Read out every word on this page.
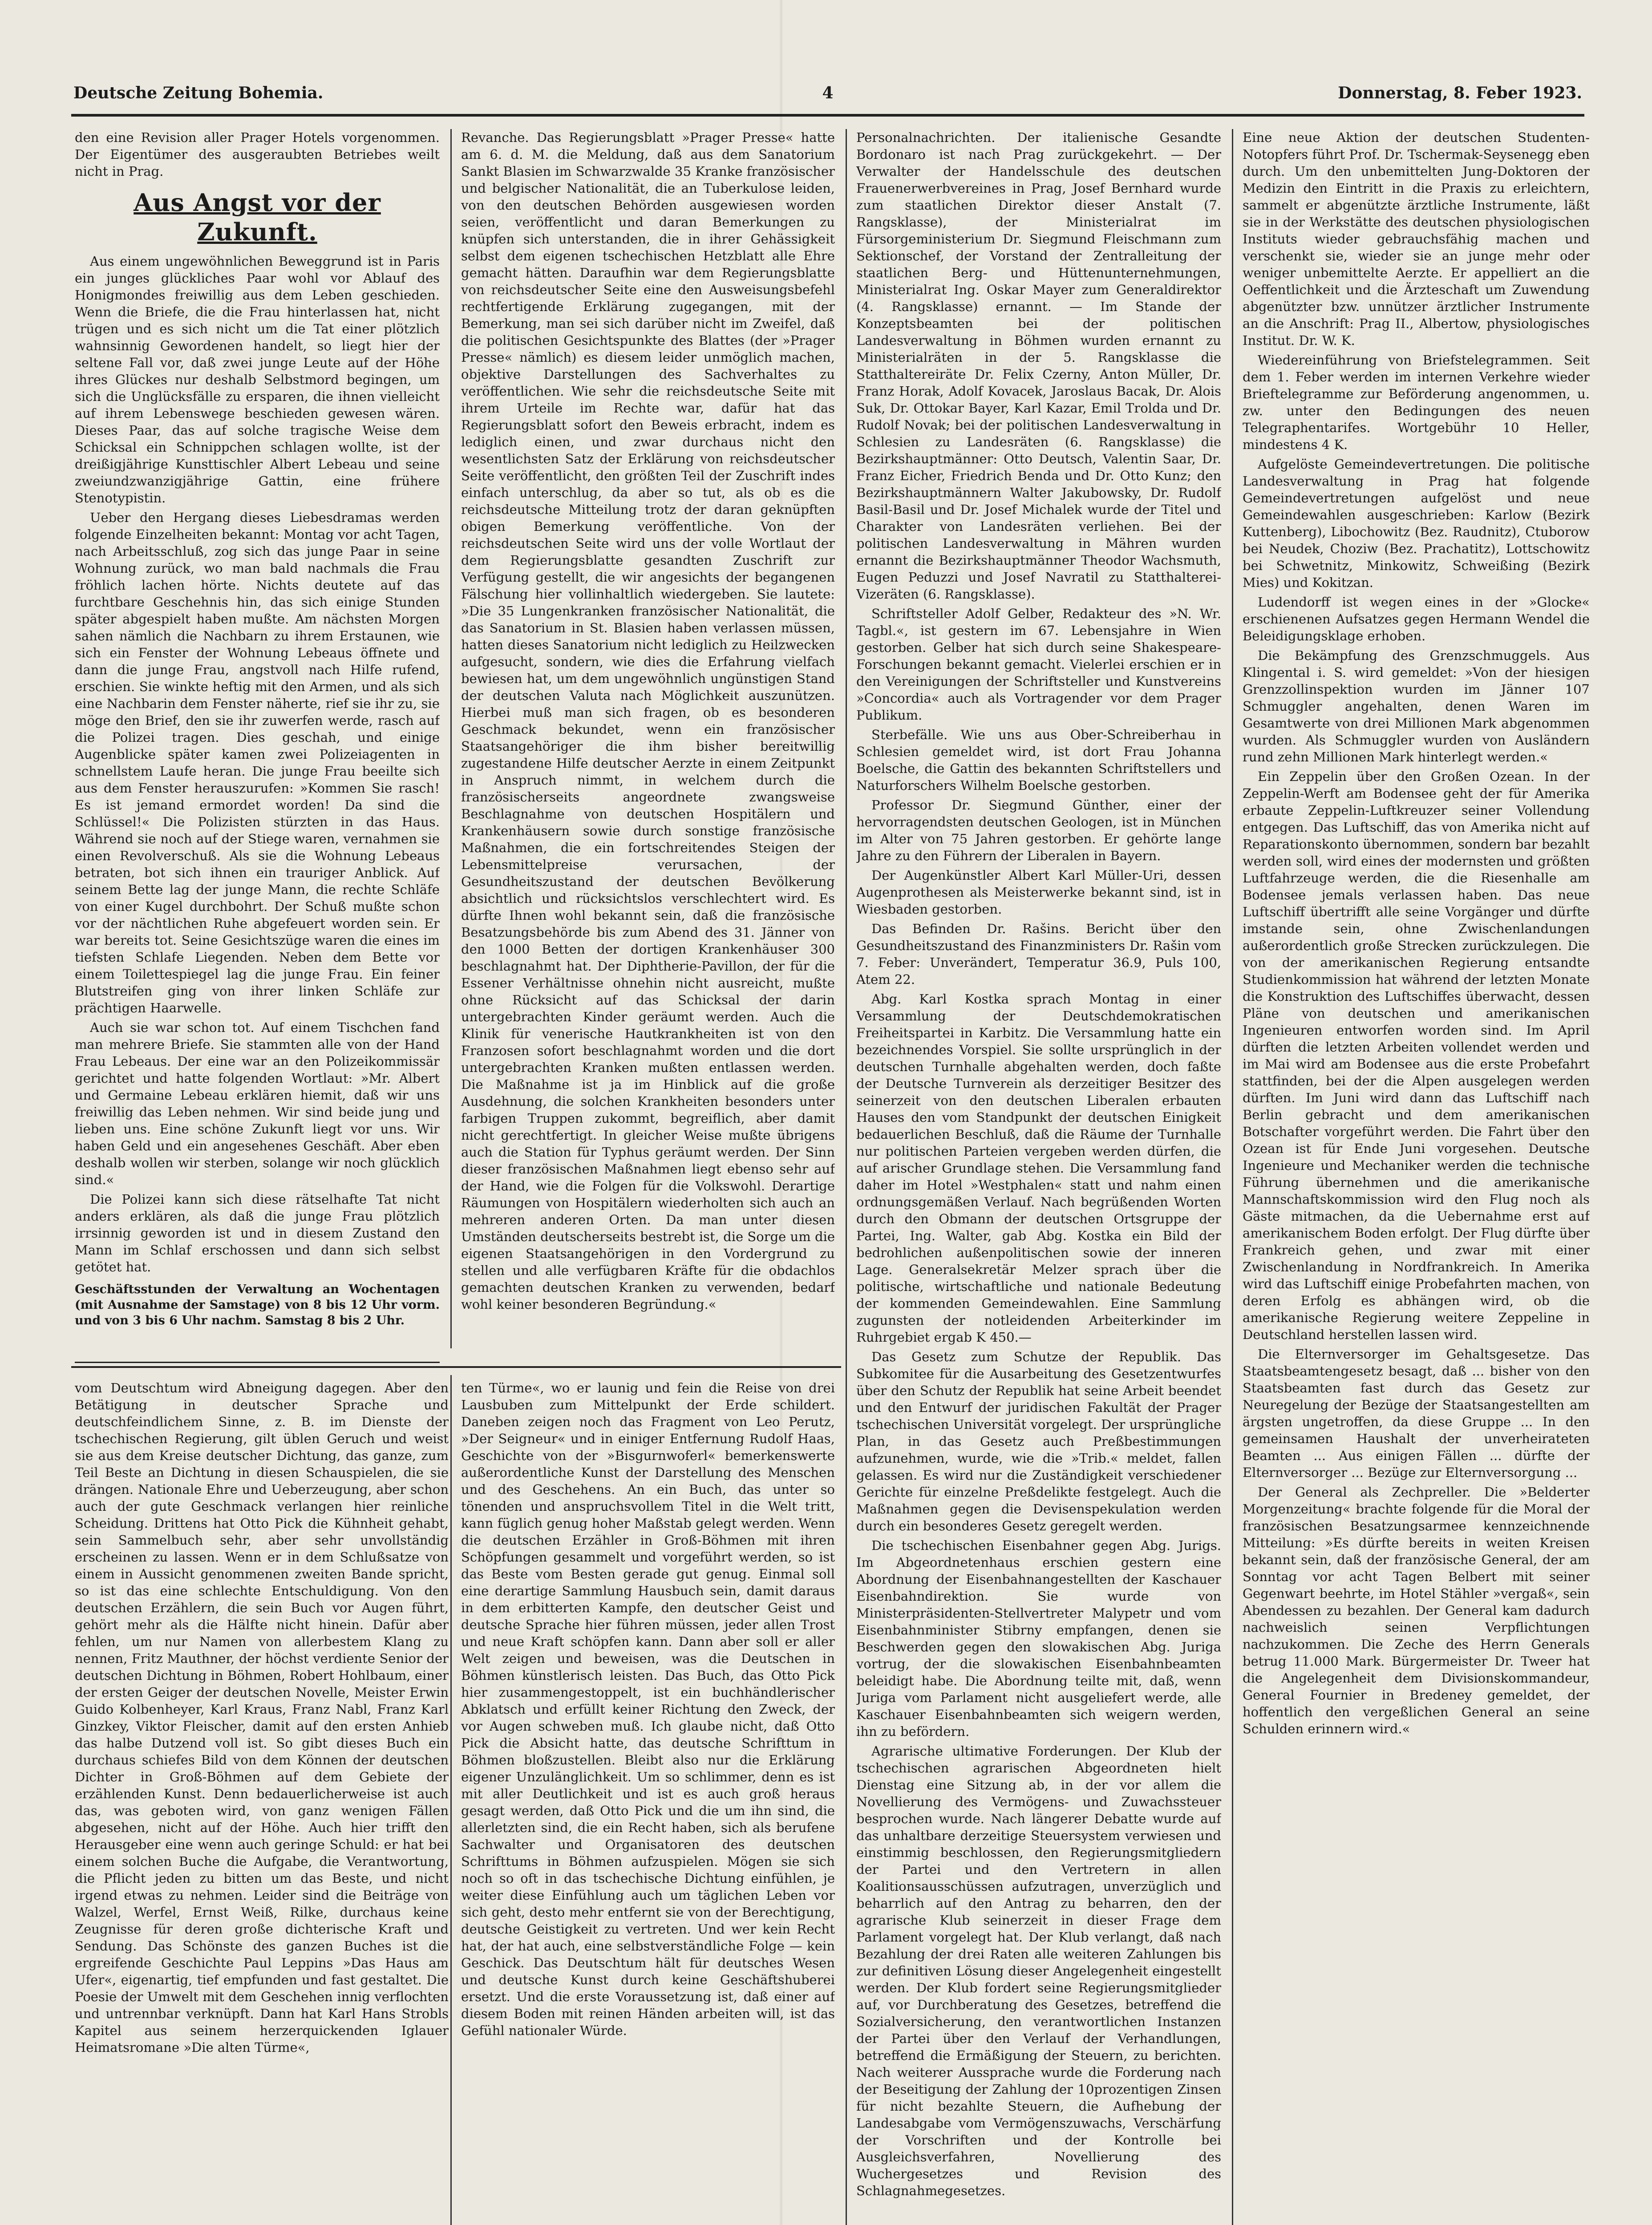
Deutsche Zeitung Bohemia.	4	Donnerstag, 8. Feber 1923.

den eine Revision aller Prager Hotels vorgenommen. Der Eigentümer des ausgeraubten Betriebes weilt nicht in Prag.

Aus Angst vor der Zukunft.

Aus einem ungewöhnlichen Beweggrund ist in Paris ein junges glückliches Paar wohl vor Ablauf des Honigmondes freiwillig aus dem Leben geschieden. Wenn die Briefe, die die Frau hinterlassen hat, nicht trügen und es sich nicht um die Tat einer plötzlich wahnsinnig Gewordenen handelt, so liegt hier der seltene Fall vor, daß zwei junge Leute auf der Höhe ihres Glückes nur deshalb Selbstmord begingen, um sich die Unglücksfälle zu ersparen, die ihnen vielleicht auf ihrem Lebenswege beschieden gewesen wären. Dieses Paar, das auf solche tragische Weise dem Schicksal ein Schnippchen schlagen wollte, ist der dreißigjährige Kunsttischler Albert Lebeau und seine zweiundzwanzigjährige Gattin, eine frühere Stenotypistin.

Ueber den Hergang dieses Liebesdramas werden folgende Einzelheiten bekannt: Montag vor acht Tagen, nach Arbeitsschluß, zog sich das junge Paar in seine Wohnung zurück, wo man bald nachmals die Frau fröhlich lachen hörte. Nichts deutete auf das furchtbare Geschehnis hin, das sich einige Stunden später abgespielt haben mußte. Am nächsten Morgen sahen nämlich die Nachbarn zu ihrem Erstaunen, wie sich ein Fenster der Wohnung Lebeaus öffnete und dann die junge Frau, angstvoll nach Hilfe rufend, erschien. Sie winkte heftig mit den Armen, und als sich eine Nachbarin dem Fenster näherte, rief sie ihr zu, sie möge den Brief, den sie ihr zuwerfen werde, rasch auf die Polizei tragen. Dies geschah, und einige Augenblicke später kamen zwei Polizeiagenten in schnellstem Laufe heran. Die junge Frau beeilte sich aus dem Fenster herauszurufen: »Kommen Sie rasch! Es ist jemand ermordet worden! Da sind die Schlüssel!« Die Polizisten stürzten in das Haus. Während sie noch auf der Stiege waren, vernahmen sie einen Revolverschuß. Als sie die Wohnung Lebeaus betraten, bot sich ihnen ein trauriger Anblick. Auf seinem Bette lag der junge Mann, die rechte Schläfe von einer Kugel durchbohrt. Der Schuß mußte schon vor der nächtlichen Ruhe abgefeuert worden sein. Er war bereits tot. Seine Gesichtszüge waren die eines im tiefsten Schlafe Liegenden. Neben dem Bette vor einem Toilettespiegel lag die junge Frau. Ein feiner Blutstreifen ging von ihrer linken Schläfe zur prächtigen Haarwelle.

Auch sie war schon tot. Auf einem Tischchen fand man mehrere Briefe. Sie stammten alle von der Hand Frau Lebeaus. Der eine war an den Polizeikommissär gerichtet und hatte folgenden Wortlaut: »Mr. Albert und Germaine Lebeau erklären hiemit, daß wir uns freiwillig das Leben nehmen. Wir sind beide jung und lieben uns. Eine schöne Zukunft liegt vor uns. Wir haben Geld und ein angesehenes Geschäft. Aber eben deshalb wollen wir sterben, solange wir noch glücklich sind.«

Die Polizei kann sich diese rätselhafte Tat nicht anders erklären, als daß die junge Frau plötzlich irrsinnig geworden ist und in diesem Zustand den Mann im Schlaf erschossen und dann sich selbst getötet hat.

Geschäftsstunden der Verwaltung an Wochentagen (mit Ausnahme der Samstage) von 8 bis 12 Uhr vorm. und von 3 bis 6 Uhr nachm. Samstag 8 bis 2 Uhr.

Revanche. Das Regierungsblatt »Prager Presse« hatte am 6. d. M. die Meldung, daß aus dem Sanatorium Sankt Blasien im Schwarzwalde 35 Kranke französischer und belgischer Nationalität, die an Tuberkulose leiden, von den deutschen Behörden ausgewiesen worden seien, veröffentlicht und daran Bemerkungen zu knüpfen sich unterstanden, die in ihrer Gehässigkeit selbst dem eigenen tschechischen Hetzblatt alle Ehre gemacht hätten. Daraufhin war dem Regierungsblatte von reichsdeutscher Seite eine den Ausweisungsbefehl rechtfertigende Erklärung zugegangen, mit der Bemerkung, man sei sich darüber nicht im Zweifel, daß die politischen Gesichtspunkte des Blattes (der »Prager Presse« nämlich) es diesem leider unmöglich machen, objektive Darstellungen des Sachverhaltes zu veröffentlichen. Wie sehr die reichsdeutsche Seite mit ihrem Urteile im Rechte war, dafür hat das Regierungsblatt sofort den Beweis erbracht, indem es lediglich einen, und zwar durchaus nicht den wesentlichsten Satz der Erklärung von reichsdeutscher Seite veröffentlicht, den größten Teil der Zuschrift indes einfach unterschlug, da aber so tut, als ob es die reichsdeutsche Mitteilung trotz der daran geknüpften obigen Bemerkung veröffentliche. Von der reichsdeutschen Seite wird uns der volle Wortlaut der dem Regierungsblatte gesandten Zuschrift zur Verfügung gestellt, die wir angesichts der begangenen Fälschung hier vollinhaltlich wiedergeben. Sie lautete: »Die 35 Lungenkranken französischer Nationalität, die das Sanatorium in St. Blasien haben verlassen müssen, hatten dieses Sanatorium nicht lediglich zu Heilzwecken aufgesucht, sondern, wie dies die Erfahrung vielfach bewiesen hat, um dem ungewöhnlich ungünstigen Stand der deutschen Valuta nach Möglichkeit auszunützen. Hierbei muß man sich fragen, ob es besonderen Geschmack bekundet, wenn ein französischer Staatsangehöriger die ihm bisher bereitwillig zugestandene Hilfe deutscher Aerzte in einem Zeitpunkt in Anspruch nimmt, in welchem durch die französischerseits angeordnete zwangsweise Beschlagnahme von deutschen Hospitälern und Krankenhäusern sowie durch sonstige französische Maßnahmen, die ein fortschreitendes Steigen der Lebensmittelpreise verursachen, der Gesundheitszustand der deutschen Bevölkerung absichtlich und rücksichtslos verschlechtert wird. Es dürfte Ihnen wohl bekannt sein, daß die französische Besatzungsbehörde bis zum Abend des 31. Jänner von den 1000 Betten der dortigen Krankenhäuser 300 beschlagnahmt hat. Der Diphtherie-Pavillon, der für die Essener Verhältnisse ohnehin nicht ausreicht, mußte ohne Rücksicht auf das Schicksal der darin untergebrachten Kinder geräumt werden. Auch die Klinik für venerische Hautkrankheiten ist von den Franzosen sofort beschlagnahmt worden und die dort untergebrachten Kranken mußten entlassen werden. Die Maßnahme ist ja im Hinblick auf die große Ausdehnung, die solchen Krankheiten besonders unter farbigen Truppen zukommt, begreiflich, aber damit nicht gerechtfertigt. In gleicher Weise mußte übrigens auch die Station für Typhus geräumt werden. Der Sinn dieser französischen Maßnahmen liegt ebenso sehr auf der Hand, wie die Folgen für die Volkswohl. Derartige Räumungen von Hospitälern wiederholten sich auch an mehreren anderen Orten. Da man unter diesen Umständen deutscherseits bestrebt ist, die Sorge um die eigenen Staatsangehörigen in den Vordergrund zu stellen und alle verfügbaren Kräfte für die obdachlos gemachten deutschen Kranken zu verwenden, bedarf wohl keiner besonderen Begründung.«

Personalnachrichten. Der italienische Gesandte Bordonaro ist nach Prag zurückgekehrt. — Der Verwalter der Handelsschule des deutschen Frauenerwerbvereines in Prag, Josef Bernhard wurde zum staatlichen Direktor dieser Anstalt (7. Rangsklasse), der Ministerialrat im Fürsorgeministerium Dr. Siegmund Fleischmann zum Sektionschef, der Vorstand der Zentralleitung der staatlichen Berg- und Hüttenunternehmungen, Ministerialrat Ing. Oskar Mayer zum Generaldirektor (4. Rangsklasse) ernannt. — Im Stande der Konzeptsbeamten bei der politischen Landesverwaltung in Böhmen wurden ernannt zu Ministerialräten in der 5. Rangsklasse die Statthaltereiräte Dr. Felix Czerny, Anton Müller, Dr. Franz Horak, Adolf Kovacek, Jaroslaus Bacak, Dr. Alois Suk, Dr. Ottokar Bayer, Karl Kazar, Emil Trolda und Dr. Rudolf Novak; bei der politischen Landesverwaltung in Schlesien zu Landesräten (6. Rangsklasse) die Bezirkshauptmänner: Otto Deutsch, Valentin Saar, Dr. Franz Eicher, Friedrich Benda und Dr. Otto Kunz; den Bezirkshauptmännern Walter Jakubowsky, Dr. Rudolf Basil-Basil und Dr. Josef Michalek wurde der Titel und Charakter von Landesräten verliehen. Bei der politischen Landesverwaltung in Mähren wurden ernannt die Bezirkshauptmänner Theodor Wachsmuth, Eugen Peduzzi und Josef Navratil zu Statthalterei-Vizeräten (6. Rangsklasse).

Schriftsteller Adolf Gelber, Redakteur des »N. Wr. Tagbl.«, ist gestern im 67. Lebensjahre in Wien gestorben. Gelber hat sich durch seine Shakespeare-Forschungen bekannt gemacht. Vielerlei erschien er in den Vereinigungen der Schriftsteller und Kunstvereins »Concordia« auch als Vortragender vor dem Prager Publikum.

Sterbefälle. Wie uns aus Ober-Schreiberhau in Schlesien gemeldet wird, ist dort Frau Johanna Boelsche, die Gattin des bekannten Schriftstellers und Naturforschers Wilhelm Boelsche gestorben.

Professor Dr. Siegmund Günther, einer der hervorragendsten deutschen Geologen, ist in München im Alter von 75 Jahren gestorben. Er gehörte lange Jahre zu den Führern der Liberalen in Bayern.

Der Augenkünstler Albert Karl Müller-Uri, dessen Augenprothesen als Meisterwerke bekannt sind, ist in Wiesbaden gestorben.

Das Befinden Dr. Rašins. Bericht über den Gesundheitszustand des Finanzministers Dr. Rašin vom 7. Feber: Unverändert, Temperatur 36.9, Puls 100, Atem 22.

Abg. Karl Kostka sprach Montag in einer Versammlung der Deutschdemokratischen Freiheitspartei in Karbitz. Die Versammlung hatte ein bezeichnendes Vorspiel. Sie sollte ursprünglich in der deutschen Turnhalle abgehalten werden, doch faßte der Deutsche Turnverein als derzeitiger Besitzer des seinerzeit von den deutschen Liberalen erbauten Hauses den vom Standpunkt der deutschen Einigkeit bedauerlichen Beschluß, daß die Räume der Turnhalle nur politischen Parteien vergeben werden dürfen, die auf arischer Grundlage stehen. Die Versammlung fand daher im Hotel »Westphalen« statt und nahm einen ordnungsgemäßen Verlauf. Nach begrüßenden Worten durch den Obmann der deutschen Ortsgruppe der Partei, Ing. Walter, gab Abg. Kostka ein Bild der bedrohlichen außenpolitischen sowie der inneren Lage. Generalsekretär Melzer sprach über die politische, wirtschaftliche und nationale Bedeutung der kommenden Gemeindewahlen. Eine Sammlung zugunsten der notleidenden Arbeiterkinder im Ruhrgebiet ergab K 450.—

Das Gesetz zum Schutze der Republik. Das Subkomitee für die Ausarbeitung des Gesetzentwurfes über den Schutz der Republik hat seine Arbeit beendet und den Entwurf der juridischen Fakultät der Prager tschechischen Universität vorgelegt. Der ursprüngliche Plan, in das Gesetz auch Preßbestimmungen aufzunehmen, wurde, wie die »Trib.« meldet, fallen gelassen. Es wird nur die Zuständigkeit verschiedener Gerichte für einzelne Preßdelikte festgelegt. Auch die Maßnahmen gegen die Devisenspekulation werden durch ein besonderes Gesetz geregelt werden.

Die tschechischen Eisenbahner gegen Abg. Jurigs. Im Abgeordnetenhaus erschien gestern eine Abordnung der Eisenbahnangestellten der Kaschauer Eisenbahndirektion. Sie wurde von Ministerpräsidenten-Stellvertreter Malypetr und vom Eisenbahnminister Stibrny empfangen, denen sie Beschwerden gegen den slowakischen Abg. Juriga vortrug, der die slowakischen Eisenbahnbeamten beleidigt habe. Die Abordnung teilte mit, daß, wenn Juriga vom Parlament nicht ausgeliefert werde, alle Kaschauer Eisenbahnbeamten sich weigern werden, ihn zu befördern.

Agrarische ultimative Forderungen. Der Klub der tschechischen agrarischen Abgeordneten hielt Dienstag eine Sitzung ab, in der vor allem die Novellierung des Vermögens- und Zuwachssteuer besprochen wurde. Nach längerer Debatte wurde auf das unhaltbare derzeitige Steuersystem verwiesen und einstimmig beschlossen, den Regierungsmitgliedern der Partei und den Vertretern in allen Koalitionsausschüssen aufzutragen, unverzüglich und beharrlich auf den Antrag zu beharren, den der agrarische Klub seinerzeit in dieser Frage dem Parlament vorgelegt hat. Der Klub verlangt, daß nach Bezahlung der drei Raten alle weiteren Zahlungen bis zur definitiven Lösung dieser Angelegenheit eingestellt werden. Der Klub fordert seine Regierungsmitglieder auf, vor Durchberatung des Gesetzes, betreffend die Sozialversicherung, den verantwortlichen Instanzen der Partei über den Verlauf der Verhandlungen, betreffend die Ermäßigung der Steuern, zu berichten. Nach weiterer Aussprache wurde die Forderung nach der Beseitigung der Zahlung der 10prozentigen Zinsen für nicht bezahlte Steuern, die Aufhebung der Landesabgabe vom Vermögenszuwachs, Verschärfung der Vorschriften und der Kontrolle bei Ausgleichsverfahren, Novellierung des Wuchergesetzes und Revision des Schlagnahmegesetzes.

Eine neue Aktion der deutschen Studenten-Notopfers führt Prof. Dr. Tschermak-Seysenegg eben durch. Um den unbemittelten Jung-Doktoren der Medizin den Eintritt in die Praxis zu erleichtern, sammelt er abgenützte ärztliche Instrumente, läßt sie in der Werkstätte des deutschen physiologischen Instituts wieder gebrauchsfähig machen und verschenkt sie, wieder sie an junge mehr oder weniger unbemittelte Aerzte. Er appelliert an die Oeffentlichkeit und die Ärzteschaft um Zuwendung abgenützter bzw. unnützer ärztlicher Instrumente an die Anschrift: Prag II., Albertow, physiologisches Institut. Dr. W. K.

Wiedereinführung von Briefstelegrammen. Seit dem 1. Feber werden im internen Verkehre wieder Brieftelegramme zur Beförderung angenommen, u. zw. unter den Bedingungen des neuen Telegraphentarifes. Wortgebühr 10 Heller, mindestens 4 K.

Aufgelöste Gemeindevertretungen. Die politische Landesverwaltung in Prag hat folgende Gemeindevertretungen aufgelöst und neue Gemeindewahlen ausgeschrieben: Karlow (Bezirk Kuttenberg), Libochowitz (Bez. Raudnitz), Ctuborow bei Neudek, Choziw (Bez. Prachatitz), Lottschowitz bei Schwetnitz, Minkowitz, Schweißing (Bezirk Mies) und Kokitzan.

Ludendorff ist wegen eines in der »Glocke« erschienenen Aufsatzes gegen Hermann Wendel die Beleidigungsklage erhoben.

Die Bekämpfung des Grenzschmuggels. Aus Klingental i. S. wird gemeldet: »Von der hiesigen Grenzzollinspektion wurden im Jänner 107 Schmuggler angehalten, denen Waren im Gesamtwerte von drei Millionen Mark abgenommen wurden. Als Schmuggler wurden von Ausländern rund zehn Millionen Mark hinterlegt werden.«

Ein Zeppelin über den Großen Ozean. In der Zeppelin-Werft am Bodensee geht der für Amerika erbaute Zeppelin-Luftkreuzer seiner Vollendung entgegen. Das Luftschiff, das von Amerika nicht auf Reparationskonto übernommen, sondern bar bezahlt werden soll, wird eines der modernsten und größten Luftfahrzeuge werden, die die Riesenhalle am Bodensee jemals verlassen haben. Das neue Luftschiff übertrifft alle seine Vorgänger und dürfte imstande sein, ohne Zwischenlandungen außerordentlich große Strecken zurückzulegen. Die von der amerikanischen Regierung entsandte Studienkommission hat während der letzten Monate die Konstruktion des Luftschiffes überwacht, dessen Pläne von deutschen und amerikanischen Ingenieuren entworfen worden sind. Im April dürften die letzten Arbeiten vollendet werden und im Mai wird am Bodensee aus die erste Probefahrt stattfinden, bei der die Alpen ausgelegen werden dürften. Im Juni wird dann das Luftschiff nach Berlin gebracht und dem amerikanischen Botschafter vorgeführt werden. Die Fahrt über den Ozean ist für Ende Juni vorgesehen. Deutsche Ingenieure und Mechaniker werden die technische Führung übernehmen und die amerikanische Mannschaftskommission wird den Flug noch als Gäste mitmachen, da die Uebernahme erst auf amerikanischem Boden erfolgt. Der Flug dürfte über Frankreich gehen, und zwar mit einer Zwischenlandung in Nordfrankreich. In Amerika wird das Luftschiff einige Probefahrten machen, von deren Erfolg es abhängen wird, ob die amerikanische Regierung weitere Zeppeline in Deutschland herstellen lassen wird.

Die Elternversorger im Gehaltsgesetze. Das Staatsbeamtengesetz besagt, daß ... bisher von den Staatsbeamten fast durch das Gesetz zur Neuregelung der Bezüge der Staatsangestellten am ärgsten ungetroffen, da diese Gruppe ... In den gemeinsamen Haushalt der unverheirateten Beamten ... Aus einigen Fällen ... dürfte der Elternversorger ... Bezüge zur Elternversorgung ...

Der General als Zechpreller. Die »Belderter Morgenzeitung« brachte folgende für die Moral der französischen Besatzungsarmee kennzeichnende Mitteilung: »Es dürfte bereits in weiten Kreisen bekannt sein, daß der französische General, der am Sonntag vor acht Tagen Belbert mit seiner Gegenwart beehrte, im Hotel Stähler »vergaß«, sein Abendessen zu bezahlen. Der General kam dadurch nachweislich seinen Verpflichtungen nachzukommen. Die Zeche des Herrn Generals betrug 11.000 Mark. Bürgermeister Dr. Tweer hat die Angelegenheit dem Divisionskommandeur, General Fournier in Bredeney gemeldet, der hoffentlich den vergeßlichen General an seine Schulden erinnern wird.«

vom Deutschtum wird Abneigung dagegen. Aber den Betätigung in deutscher Sprache und deutschfeindlichem Sinne, z. B. im Dienste der tschechischen Regierung, gilt üblen Geruch und weist sie aus dem Kreise deutscher Dichtung, das ganze, zum Teil Beste an Dichtung in diesen Schauspielen, die sie drängen. Nationale Ehre und Ueberzeugung, aber schon auch der gute Geschmack verlangen hier reinliche Scheidung. Drittens hat Otto Pick die Kühnheit gehabt, sein Sammelbuch sehr, aber sehr unvollständig erscheinen zu lassen. Wenn er in dem Schlußsatze von einem in Aussicht genommenen zweiten Bande spricht, so ist das eine schlechte Entschuldigung. Von den deutschen Erzählern, die sein Buch vor Augen führt, gehört mehr als die Hälfte nicht hinein. Dafür aber fehlen, um nur Namen von allerbestem Klang zu nennen, Fritz Mauthner, der höchst verdiente Senior der deutschen Dichtung in Böhmen, Robert Hohlbaum, einer der ersten Geiger der deutschen Novelle, Meister Erwin Guido Kolbenheyer, Karl Kraus, Franz Nabl, Franz Karl Ginzkey, Viktor Fleischer, damit auf den ersten Anhieb das halbe Dutzend voll ist. So gibt dieses Buch ein durchaus schiefes Bild von dem Können der deutschen Dichter in Groß-Böhmen auf dem Gebiete der erzählenden Kunst. Denn bedauerlicherweise ist auch das, was geboten wird, von ganz wenigen Fällen abgesehen, nicht auf der Höhe. Auch hier trifft den Herausgeber eine wenn auch geringe Schuld: er hat bei einem solchen Buche die Aufgabe, die Verantwortung, die Pflicht jeden zu bitten um das Beste, und nicht irgend etwas zu nehmen. Leider sind die Beiträge von Walzel, Werfel, Ernst Weiß, Rilke, durchaus keine Zeugnisse für deren große dichterische Kraft und Sendung. Das Schönste des ganzen Buches ist die ergreifende Geschichte Paul Leppins »Das Haus am Ufer«, eigenartig, tief empfunden und fast gestaltet. Die Poesie der Umwelt mit dem Geschehen innig verflochten und untrennbar verknüpft. Dann hat Karl Hans Strobls Kapitel aus seinem herzerquickenden Iglauer Heimatsromane »Die alten Türme«,

ten Türme«, wo er launig und fein die Reise von drei Lausbuben zum Mittelpunkt der Erde schildert. Daneben zeigen noch das Fragment von Leo Perutz, »Der Seigneur« und in einiger Entfernung Rudolf Haas, Geschichte von der »Bisgurnwoferl« bemerkenswerte außerordentliche Kunst der Darstellung des Menschen und des Geschehens. An ein Buch, das unter so tönenden und anspruchsvollem Titel in die Welt tritt, kann füglich genug hoher Maßstab gelegt werden. Wenn die deutschen Erzähler in Groß-Böhmen mit ihren Schöpfungen gesammelt und vorgeführt werden, so ist das Beste vom Besten gerade gut genug. Einmal soll eine derartige Sammlung Hausbuch sein, damit daraus in dem erbitterten Kampfe, den deutscher Geist und deutsche Sprache hier führen müssen, jeder allen Trost und neue Kraft schöpfen kann. Dann aber soll er aller Welt zeigen und beweisen, was die Deutschen in Böhmen künstlerisch leisten. Das Buch, das Otto Pick hier zusammengestoppelt, ist ein buchhändlerischer Abklatsch und erfüllt keiner Richtung den Zweck, der vor Augen schweben muß. Ich glaube nicht, daß Otto Pick die Absicht hatte, das deutsche Schrifttum in Böhmen bloßzustellen. Bleibt also nur die Erklärung eigener Unzulänglichkeit. Um so schlimmer, denn es ist mit aller Deutlichkeit und ist es auch groß heraus gesagt werden, daß Otto Pick und die um ihn sind, die allerletzten sind, die ein Recht haben, sich als berufene Sachwalter und Organisatoren des deutschen Schrifttums in Böhmen aufzuspielen. Mögen sie sich noch so oft in das tschechische Dichtung einfühlen, je weiter diese Einfühlung auch um täglichen Leben vor sich geht, desto mehr entfernt sie von der Berechtigung, deutsche Geistigkeit zu vertreten. Und wer kein Recht hat, der hat auch, eine selbstverständliche Folge — kein Geschick. Das Deutschtum hält für deutsches Wesen und deutsche Kunst durch keine Geschäftshuberei ersetzt. Und die erste Voraussetzung ist, daß einer auf diesem Boden mit reinen Händen arbeiten will, ist das Gefühl nationaler Würde.
